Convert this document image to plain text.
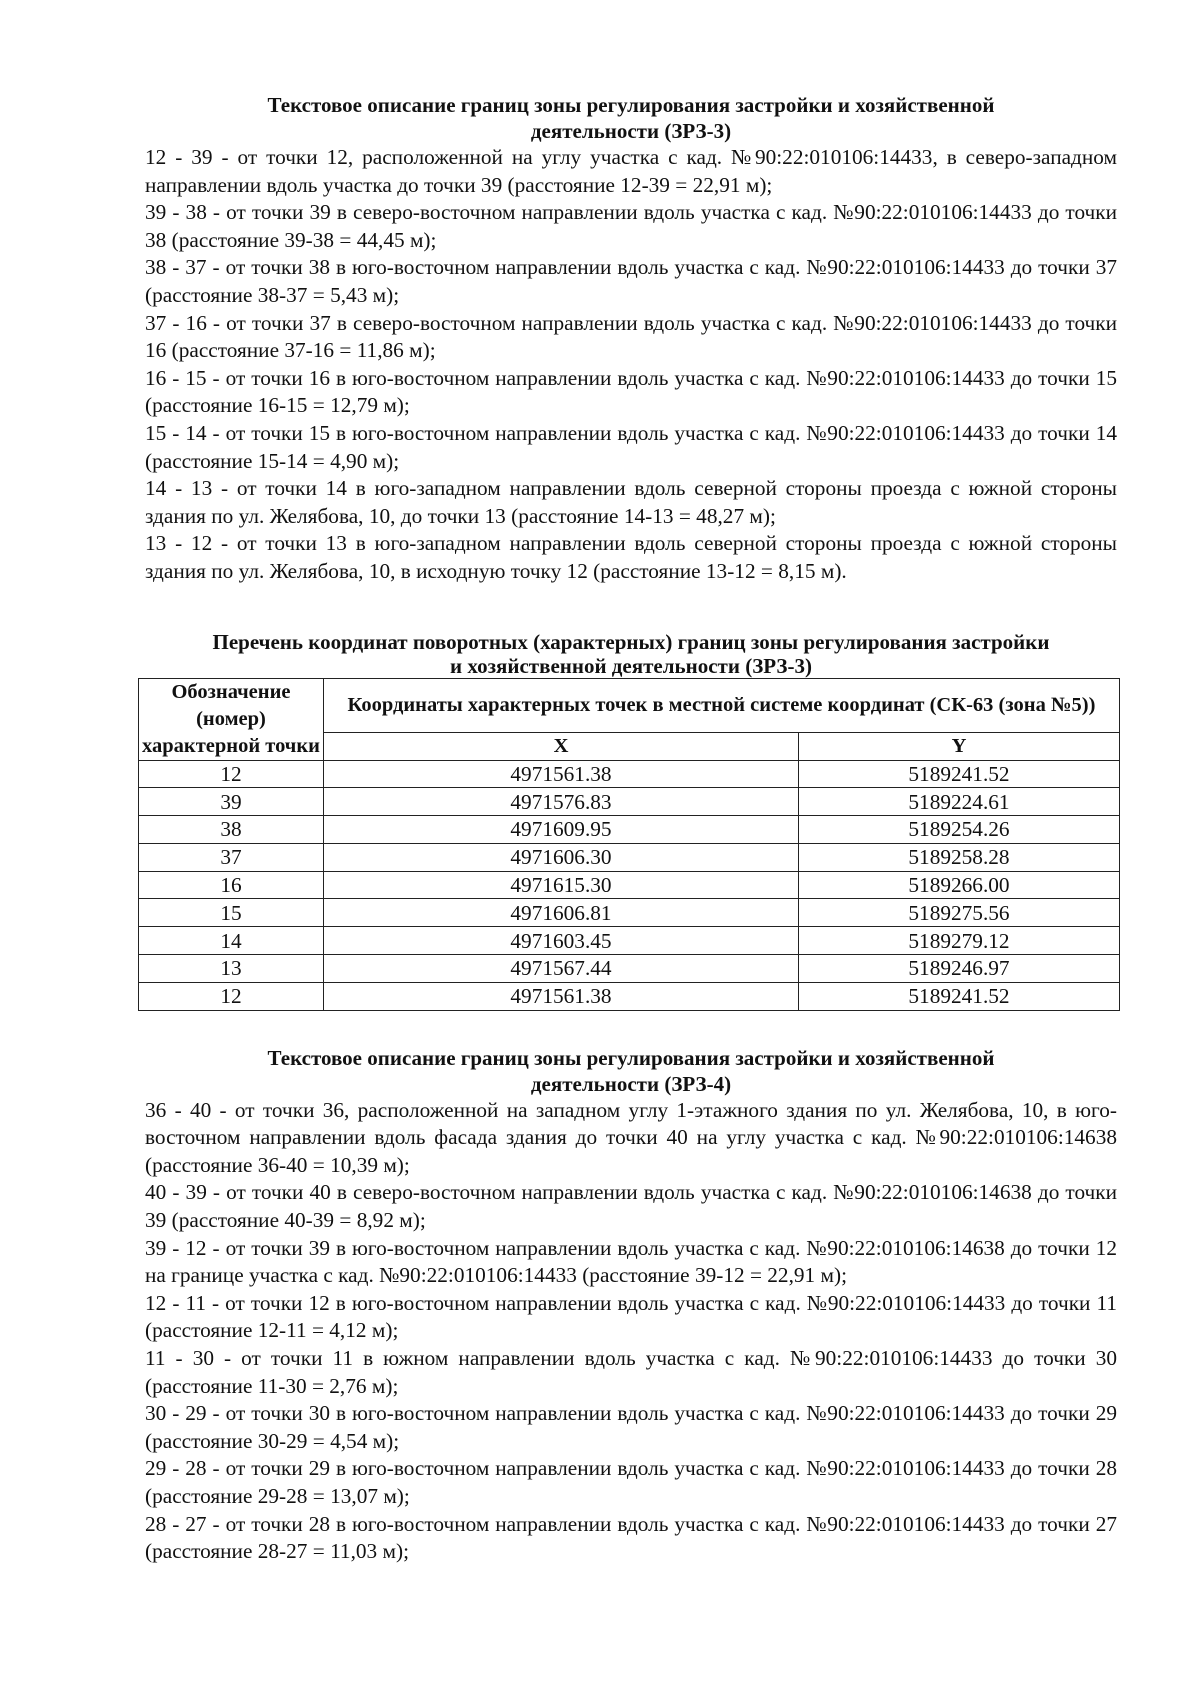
Текстовое описание границ зоны регулирования застройки и хозяйственной
деятельности (ЗРЗ-3)

12 - 39 - от точки 12, расположенной на углу участка с кад. №90:22:010106:14433, в северо-западном направлении вдоль участка до точки 39 (расстояние 12-39 = 22,91 м);

39 - 38 - от точки 39 в северо-восточном направлении вдоль участка с кад. №90:22:010106:14433 до точки 38 (расстояние 39-38 = 44,45 м);

38 - 37 - от точки 38 в юго-восточном направлении вдоль участка с кад. №90:22:010106:14433 до точки 37 (расстояние 38-37 = 5,43 м);

37 - 16 - от точки 37 в северо-восточном направлении вдоль участка с кад. №90:22:010106:14433 до точки 16 (расстояние 37-16 = 11,86 м);

16 - 15 - от точки 16 в юго-восточном направлении вдоль участка с кад. №90:22:010106:14433 до точки 15 (расстояние 16-15 = 12,79 м);

15 - 14 - от точки 15 в юго-восточном направлении вдоль участка с кад. №90:22:010106:14433 до точки 14 (расстояние 15-14 = 4,90 м);

14 - 13 - от точки 14 в юго-западном направлении вдоль северной стороны проезда с южной стороны здания по ул. Желябова, 10, до точки 13 (расстояние 14-13 = 48,27 м);

13 - 12 - от точки 13 в юго-западном направлении вдоль северной стороны проезда с южной стороны здания по ул. Желябова, 10, в исходную точку 12 (расстояние 13-12 = 8,15 м).

Перечень координат поворотных (характерных) границ зоны регулирования застройки
и хозяйственной деятельности (ЗРЗ-3)
Обозначение (номер) характерной точки	Координаты характерных точек в местной системе координат (СК-63 (зона №5))	
	X	Y
12	4971561.38	5189241.52
39	4971576.83	5189224.61
38	4971609.95	5189254.26
37	4971606.30	5189258.28
16	4971615.30	5189266.00
15	4971606.81	5189275.56
14	4971603.45	5189279.12
13	4971567.44	5189246.97
12	4971561.38	5189241.52
Текстовое описание границ зоны регулирования застройки и хозяйственной
деятельности (ЗРЗ-4)

36 - 40 - от точки 36, расположенной на западном углу 1-этажного здания по ул. Желябова, 10, в юго-восточном направлении вдоль фасада здания до точки 40 на углу участка с кад. №90:22:010106:14638 (расстояние 36-40 = 10,39 м);

40 - 39 - от точки 40 в северо-восточном направлении вдоль участка с кад. №90:22:010106:14638 до точки 39 (расстояние 40-39 = 8,92 м);

39 - 12 - от точки 39 в юго-восточном направлении вдоль участка с кад. №90:22:010106:14638 до точки 12 на границе участка с кад. №90:22:010106:14433 (расстояние 39-12 = 22,91 м);

12 - 11 - от точки 12 в юго-восточном направлении вдоль участка с кад. №90:22:010106:14433 до точки 11 (расстояние 12-11 = 4,12 м);

11 - 30 - от точки 11 в южном направлении вдоль участка с кад. №90:22:010106:14433 до точки 30 (расстояние 11-30 = 2,76 м);

30 - 29 - от точки 30 в юго-восточном направлении вдоль участка с кад. №90:22:010106:14433 до точки 29 (расстояние 30-29 = 4,54 м);

29 - 28 - от точки 29 в юго-восточном направлении вдоль участка с кад. №90:22:010106:14433 до точки 28 (расстояние 29-28 = 13,07 м);

28 - 27 - от точки 28 в юго-восточном направлении вдоль участка с кад. №90:22:010106:14433 до точки 27 (расстояние 28-27 = 11,03 м);
